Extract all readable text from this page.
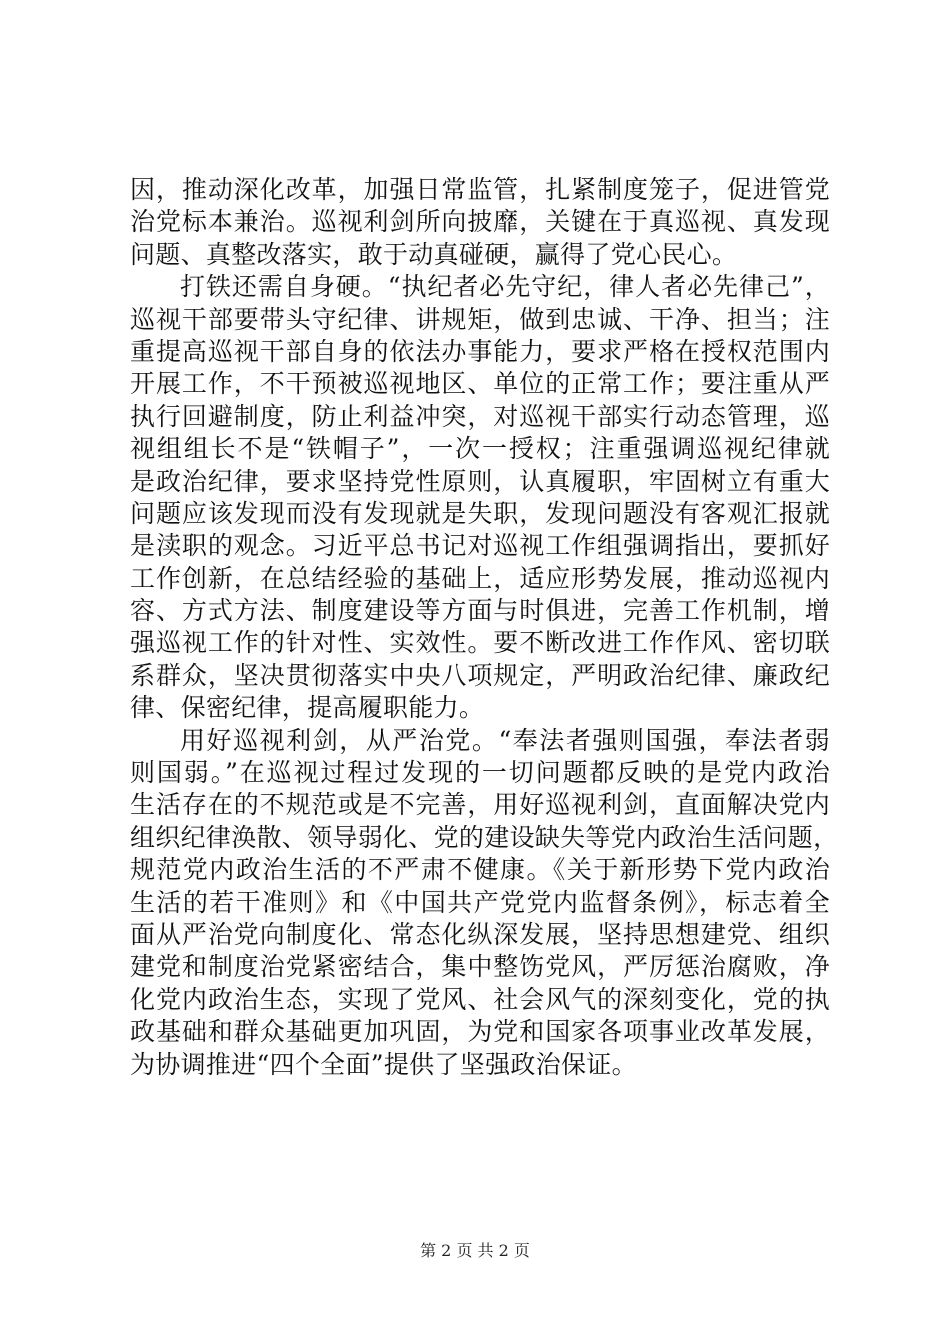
因，推动深化改革，加强日常监管，扎紧制度笼子，促进管党
治党标本兼治。巡视利剑所向披靡，关键在于真巡视、真发现
问题、真整改落实，敢于动真碰硬，赢得了党心民心。
打铁还需自身硬。“执纪者必先守纪，律人者必先律己”，
巡视干部要带头守纪律、讲规矩，做到忠诚、干净、担当；注
重提高巡视干部自身的依法办事能力，要求严格在授权范围内
开展工作，不干预被巡视地区、单位的正常工作；要注重从严
执行回避制度，防止利益冲突，对巡视干部实行动态管理，巡
视组组长不是“铁帽子”，一次一授权；注重强调巡视纪律就
是政治纪律，要求坚持党性原则，认真履职，牢固树立有重大
问题应该发现而没有发现就是失职，发现问题没有客观汇报就
是渎职的观念。习近平总书记对巡视工作组强调指出，要抓好
工作创新，在总结经验的基础上，适应形势发展，推动巡视内
容、方式方法、制度建设等方面与时俱进，完善工作机制，增
强巡视工作的针对性、实效性。要不断改进工作作风、密切联
系群众，坚决贯彻落实中央八项规定，严明政治纪律、廉政纪
律、保密纪律，提高履职能力。
用好巡视利剑，从严治党。“奉法者强则国强，奉法者弱
则国弱。”在巡视过程过发现的一切问题都反映的是党内政治
生活存在的不规范或是不完善，用好巡视利剑，直面解决党内
组织纪律涣散、领导弱化、党的建设缺失等党内政治生活问题，
规范党内政治生活的不严肃不健康。《关于新形势下党内政治
生活的若干准则》和《中国共产党党内监督条例》，标志着全
面从严治党向制度化、常态化纵深发展，坚持思想建党、组织
建党和制度治党紧密结合，集中整饬党风，严厉惩治腐败，净
化党内政治生态，实现了党风、社会风气的深刻变化，党的执
政基础和群众基础更加巩固，为党和国家各项事业改革发展，
为协调推进“四个全面”提供了坚强政治保证。
第 2 页 共 2 页
